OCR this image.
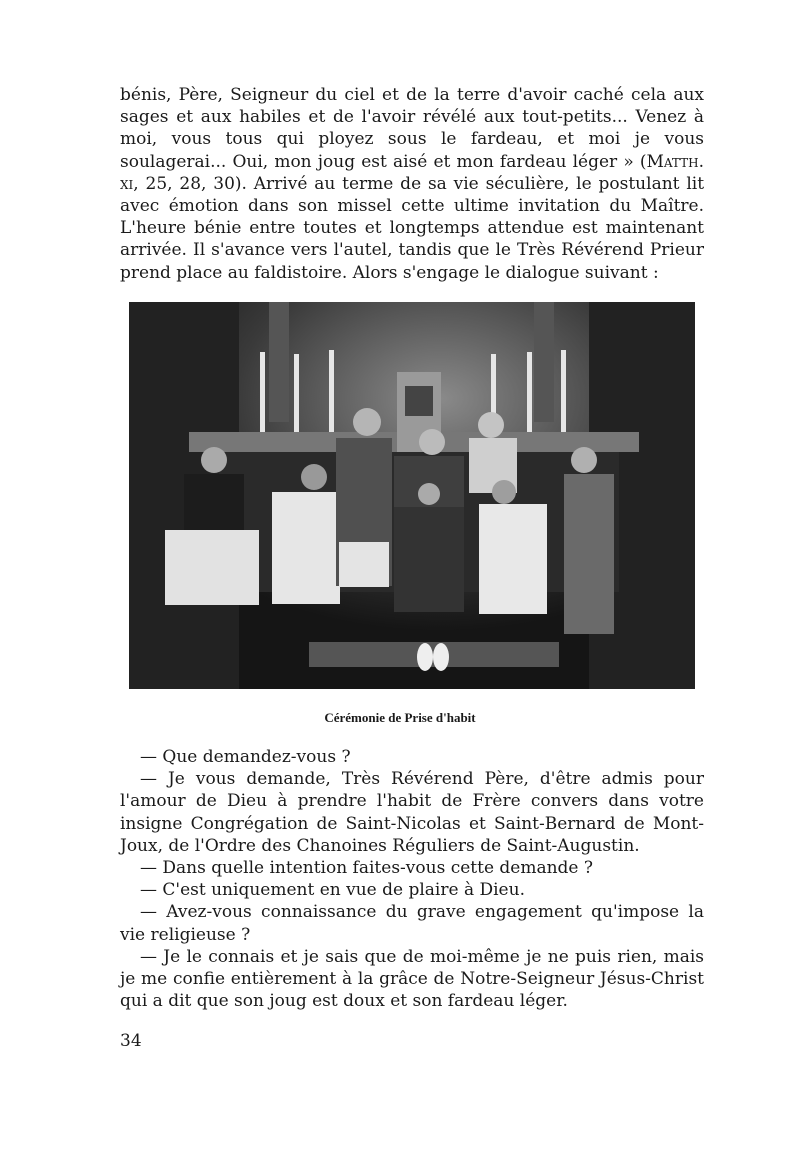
bénis, Père, Seigneur du ciel et de la terre d'avoir caché cela aux sages et aux habiles et de l'avoir révélé aux tout-petits... Venez à moi, vous tous qui ployez sous le fardeau, et moi je vous soulagerai... Oui, mon joug est aisé et mon fardeau léger » (Matth. xi, 25, 28, 30). Arrivé au terme de sa vie séculière, le postulant lit avec émotion dans son missel cette ultime invitation du Maître. L'heure bénie entre toutes et longtemps attendue est maintenant arrivée. Il s'avance vers l'autel, tandis que le Très Révérend Prieur prend place au faldistoire. Alors s'engage le dialogue suivant :

Cérémonie de Prise d'habit

— Que demandez-vous ?

— Je vous demande, Très Révérend Père, d'être admis pour l'amour de Dieu à prendre l'habit de Frère convers dans votre insigne Congrégation de Saint-Nicolas et Saint-Bernard de Mont-Joux, de l'Ordre des Chanoines Réguliers de Saint-Augustin.

— Dans quelle intention faites-vous cette demande ?

— C'est uniquement en vue de plaire à Dieu.

— Avez-vous connaissance du grave engagement qu'impose la vie religieuse ?

— Je le connais et je sais que de moi-même je ne puis rien, mais je me confie entièrement à la grâce de Notre-Seigneur Jésus-Christ qui a dit que son joug est doux et son fardeau léger.

34
